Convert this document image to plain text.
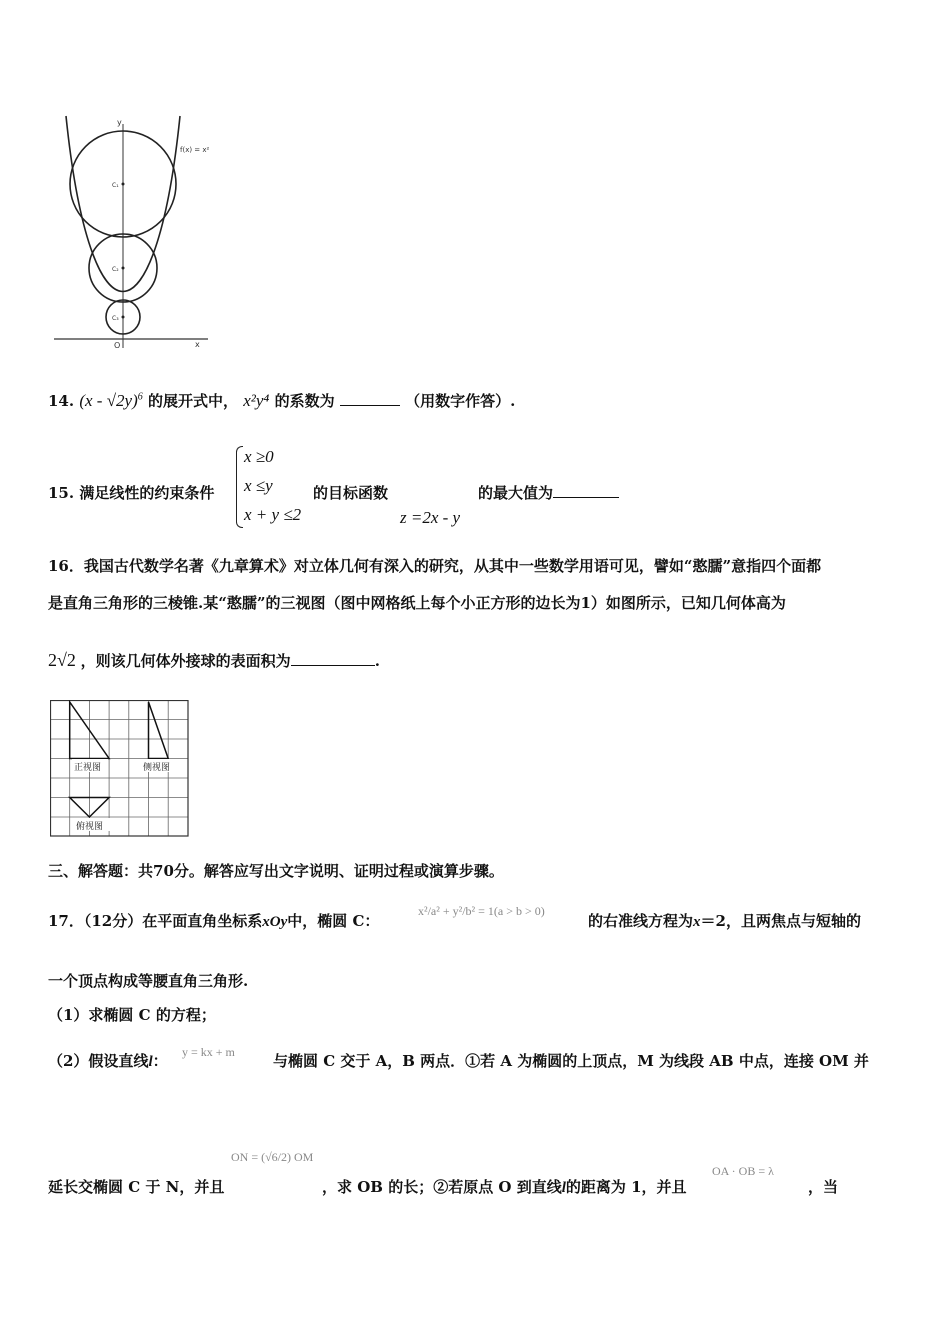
y
x
O
f(x) = x²
C₁
C₂
C₃
14. (x - √2y)$^6$ 的展开式中， x²y⁴ 的系数为	（用数字作答）.
15. 满足线性的约束条件
x ≥0
x ≤y
x + y ≤2
的目标函数
z =2x - y
的最大值为
16．我国古代数学名著《九章算术》对立体几何有深入的研究，从其中一些数学用语可见，譬如“憨臑”意指四个面都
是直角三角形的三棱锥.某“憨臑”的三视图（图中网格纸上每个小正方形的边长为1）如图所示，已知几何体高为
2√2 ，则该几何体外接球的表面积为	.
正视图	侧视图
俯视图
三、解答题：共70分。解答应写出文字说明、证明过程或演算步骤。
17．（12分）在平面直角坐标系xOy中，椭圆 C：
x²/a² + y²/b² = 1(a > b > 0)
的右准线方程为x＝2，且两焦点与短轴的
一个顶点构成等腰直角三角形.
（1）求椭圆 C 的方程；
（2）假设直线l： y = kx + m	与椭圆 C 交于 A，B 两点．①若 A 为椭圆的上顶点，M 为线段 AB 中点，连接 OM 并
ON = (√6/2) OM
延长交椭圆 C 于 N，并且	，求 OB 的长；②若原点 O 到直线l的距离为 1，并且
OA · OB = λ
，当
